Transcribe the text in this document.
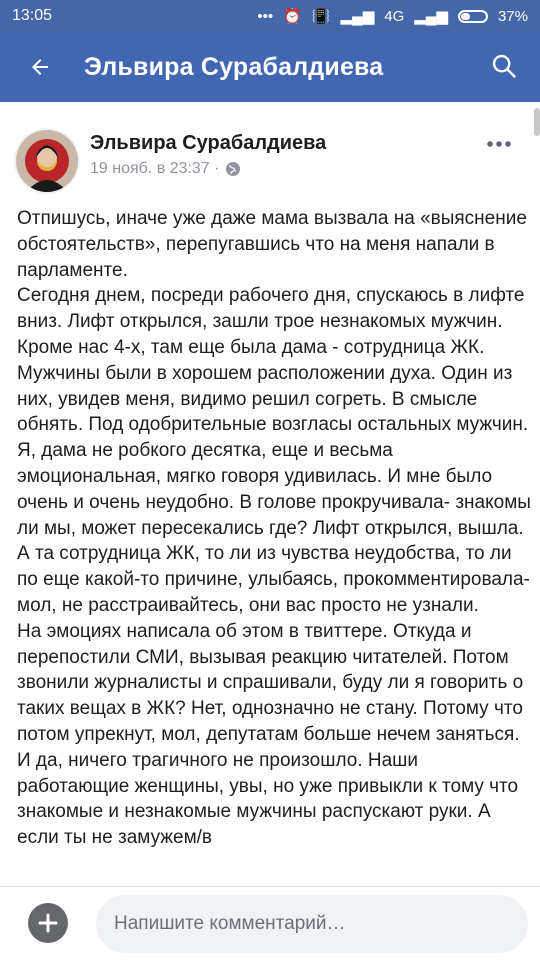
13:05	••• ⏰ 📳 ▂▄▆ 4G ▂▄▆	37%
Эльвира Сурабалдиева
Эльвира Сурабалдиева
19 нояб. в 23:37 ·

Отпишусь, иначе уже даже мама вызвала на «выяснение обстоятельств», перепугавшись что на меня напали в парламенте.

Сегодня днем, посреди рабочего дня, спускаюсь в лифте вниз. Лифт открылся, зашли трое незнакомых мужчин. Кроме нас 4-х, там еще была дама - сотрудница ЖК. Мужчины были в хорошем расположении духа. Один из них, увидев меня, видимо решил согреть. В смысле обнять. Под одобрительные возгласы остальных мужчин. Я, дама не робкого десятка, еще и весьма эмоциональная, мягко говоря удивилась. И мне было очень и очень неудобно. В голове прокручивала- знакомы ли мы, может пересекались где? Лифт открылся, вышла. А та сотрудница ЖК, то ли из чувства неудобства, то ли по еще какой-то причине, улыбаясь, прокомментировала- мол, не расстраивайтесь, они вас просто не узнали.

На эмоциях написала об этом в твиттере. Откуда и перепостили СМИ, вызывая реакцию читателей. Потом звонили журналисты и спрашивали, буду ли я говорить о таких вещах в ЖК? Нет, однозначно не стану. Потому что потом упрекнут, мол, депутатам больше нечем заняться. И да, ничего трагичного не произошло. Наши работающие женщины, увы, но уже привыкли к тому что знакомые и незнакомые мужчины распускают руки. А если ты не замужем/в

Напишите комментарий…
